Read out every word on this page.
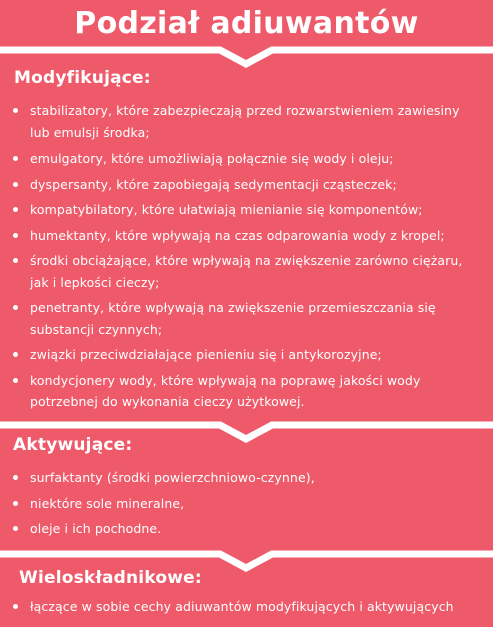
Podział adiuwantów
Modyfikujące:
stabilizatory, które zabezpieczają przed rozwarstwieniem zawiesiny lub emulsji środka;
emulgatory, które umożliwiają połącznie się wody i oleju;
dyspersanty, które zapobiegają sedymentacji cząsteczek;
kompatybilatory, które ułatwiają mienianie się komponentów;
humektanty, które wpływają na czas odparowania wody z kropel;
środki obciążające, które wpływają na zwiększenie zarówno ciężaru, jak i lepkości cieczy;
penetranty, które wpływają na zwiększenie przemieszczania się substancji czynnych;
związki przeciwdziałające pienieniu się i antykorozyjne;
kondycjonery wody, które wpływają na poprawę jakości wody potrzebnej do wykonania cieczy użytkowej.
Aktywujące:
surfaktanty (środki powierzchniowo-czynne),
niektóre sole mineralne,
oleje i ich pochodne.
Wieloskładnikowe:
łączące w sobie cechy adiuwantów modyfikujących i aktywujących
